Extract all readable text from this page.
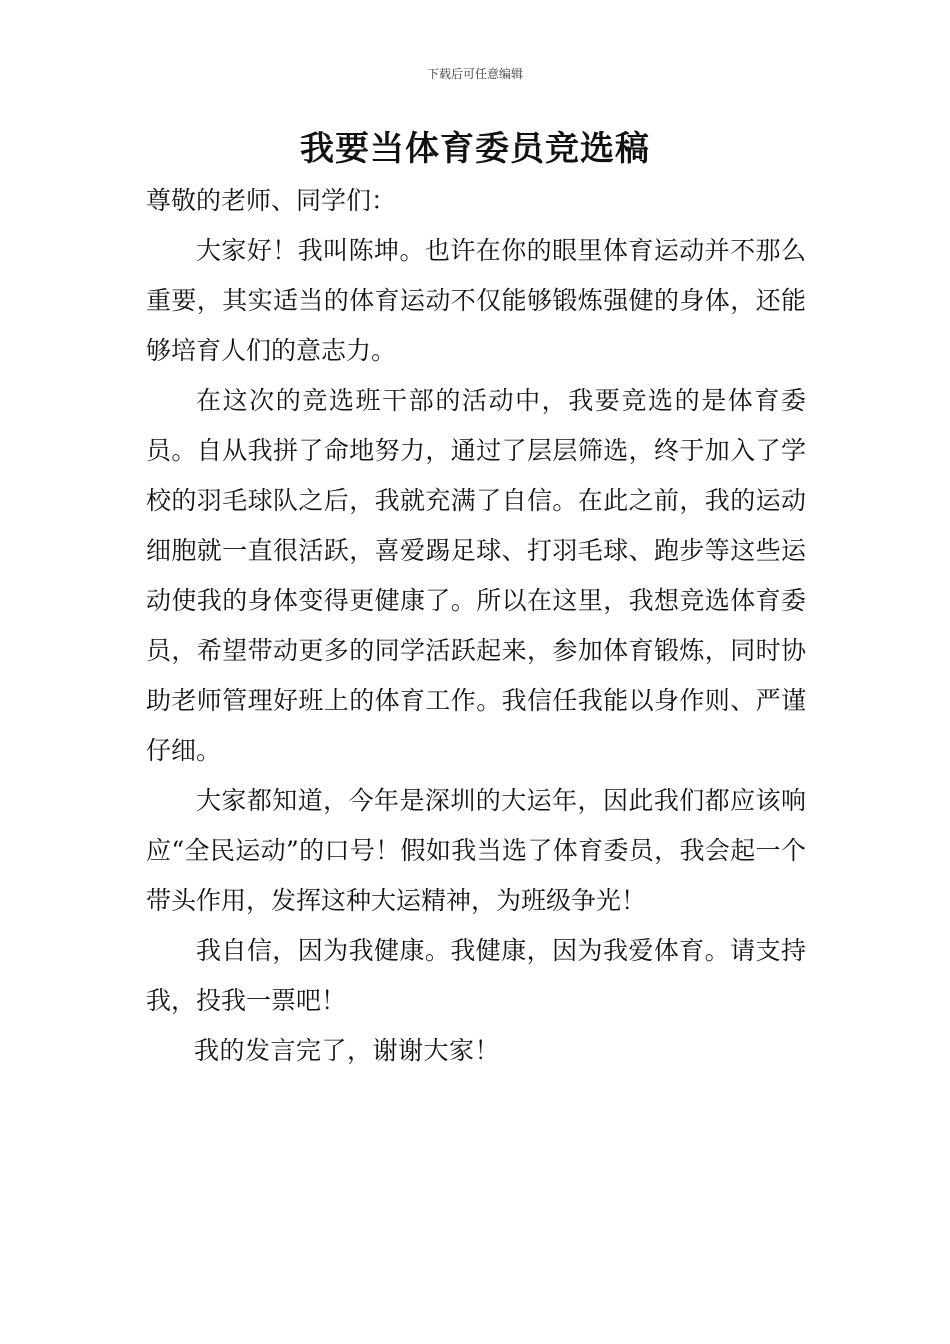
下载后可任意编辑
我要当体育委员竞选稿
尊敬的老师、同学们：
大家好！我叫陈坤。也许在你的眼里体育运动并不那么重要，其实适当的体育运动不仅能够锻炼强健的身体，还能够培育人们的意志力。
在这次的竞选班干部的活动中，我要竞选的是体育委员。自从我拼了命地努力，通过了层层筛选，终于加入了学校的羽毛球队之后，我就充满了自信。在此之前，我的运动细胞就一直很活跃，喜爱踢足球、打羽毛球、跑步等这些运动使我的身体变得更健康了。所以在这里，我想竞选体育委员，希望带动更多的同学活跃起来，参加体育锻炼，同时协助老师管理好班上的体育工作。我信任我能以身作则、严谨仔细。
大家都知道，今年是深圳的大运年，因此我们都应该响应“全民运动”的口号！假如我当选了体育委员，我会起一个带头作用，发挥这种大运精神，为班级争光！
我自信，因为我健康。我健康，因为我爱体育。请支持我，投我一票吧！
我的发言完了，谢谢大家！
